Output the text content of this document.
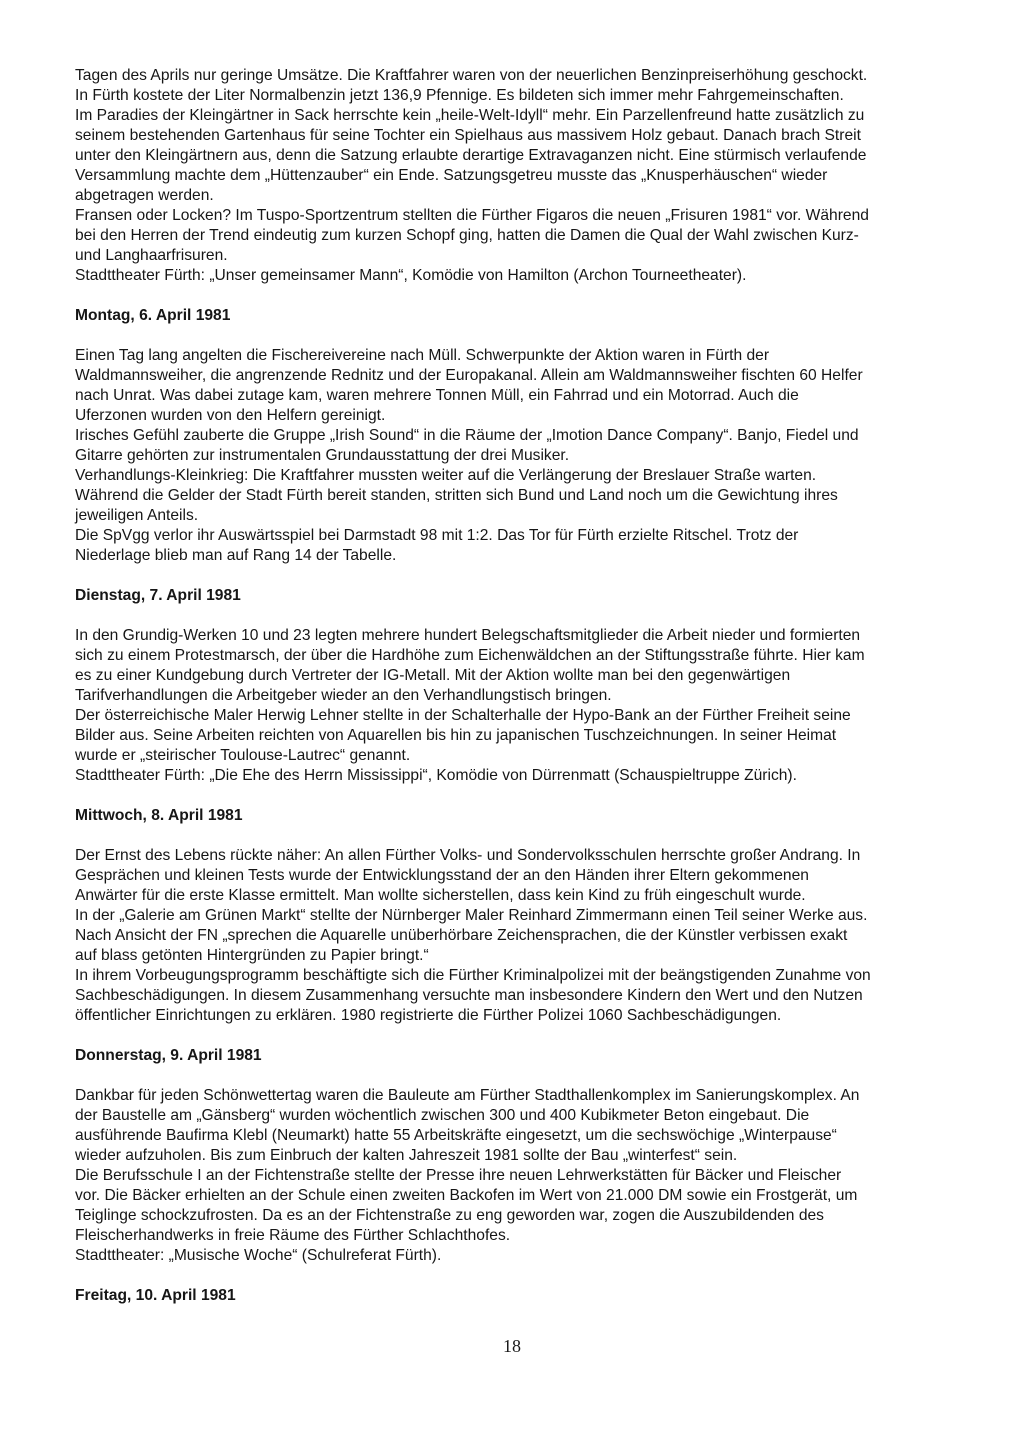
Tagen des Aprils nur geringe Umsätze. Die Kraftfahrer waren von der neuerlichen Benzinpreiserhöhung geschockt.
In Fürth kostete der Liter Normalbenzin jetzt 136,9 Pfennige. Es bildeten sich immer mehr Fahrgemeinschaften.
Im Paradies der Kleingärtner in Sack herrschte kein „heile-Welt-Idyll“ mehr. Ein Parzellenfreund hatte zusätzlich zu
seinem bestehenden Gartenhaus für seine Tochter ein Spielhaus aus massivem Holz gebaut. Danach brach Streit
unter den Kleingärtnern aus, denn die Satzung erlaubte derartige Extravaganzen nicht. Eine stürmisch verlaufende
Versammlung machte dem „Hüttenzauber“ ein Ende. Satzungsgetreu musste das „Knusperhäuschen“ wieder
abgetragen werden.
Fransen oder Locken? Im Tuspo-Sportzentrum stellten die Fürther Figaros die neuen „Frisuren 1981“ vor. Während
bei den Herren der Trend eindeutig zum kurzen Schopf ging, hatten die Damen die Qual der Wahl zwischen Kurz-
und Langhaarfrisuren.
Stadttheater Fürth: „Unser gemeinsamer Mann“, Komödie von Hamilton (Archon Tourneetheater).
Montag, 6. April 1981
Einen Tag lang angelten die Fischereivereine nach Müll. Schwerpunkte der Aktion waren in Fürth der
Waldmannsweiher, die angrenzende Rednitz und der Europakanal. Allein am Waldmannsweiher fischten 60 Helfer
nach Unrat. Was dabei zutage kam, waren mehrere Tonnen Müll, ein Fahrrad und ein Motorrad. Auch die
Uferzonen wurden von den Helfern gereinigt.
Irisches Gefühl zauberte die Gruppe „Irish Sound“ in die Räume der „Imotion Dance Company“. Banjo, Fiedel und
Gitarre gehörten zur instrumentalen Grundausstattung der drei Musiker.
Verhandlungs-Kleinkrieg: Die Kraftfahrer mussten weiter auf die Verlängerung der Breslauer Straße warten.
Während die Gelder der Stadt Fürth bereit standen, stritten sich Bund und Land noch um die Gewichtung ihres
jeweiligen Anteils.
Die SpVgg verlor ihr Auswärtsspiel bei Darmstadt 98 mit 1:2. Das Tor für Fürth erzielte Ritschel. Trotz der
Niederlage blieb man auf Rang 14 der Tabelle.
Dienstag, 7. April 1981
In den Grundig-Werken 10 und 23 legten mehrere hundert Belegschaftsmitglieder die Arbeit nieder und formierten
sich zu einem Protestmarsch, der über die Hardhöhe zum Eichenwäldchen an der Stiftungsstraße führte. Hier kam
es zu einer Kundgebung durch Vertreter der IG-Metall. Mit der Aktion wollte man bei den gegenwärtigen
Tarifverhandlungen die Arbeitgeber wieder an den Verhandlungstisch bringen.
Der österreichische Maler Herwig Lehner stellte in der Schalterhalle der Hypo-Bank an der Fürther Freiheit seine
Bilder aus. Seine Arbeiten reichten von Aquarellen bis hin zu japanischen Tuschzeichnungen. In seiner Heimat
wurde er „steirischer Toulouse-Lautrec“ genannt.
Stadttheater Fürth: „Die Ehe des Herrn Mississippi“, Komödie von Dürrenmatt (Schauspieltruppe Zürich).
Mittwoch, 8. April 1981
Der Ernst des Lebens rückte näher: An allen Fürther Volks- und Sondervolksschulen herrschte großer Andrang. In
Gesprächen und kleinen Tests wurde der Entwicklungsstand der an den Händen ihrer Eltern gekommenen
Anwärter für die erste Klasse ermittelt. Man wollte sicherstellen, dass kein Kind zu früh eingeschult wurde.
In der „Galerie am Grünen Markt“ stellte der Nürnberger Maler Reinhard Zimmermann einen Teil seiner Werke aus.
Nach Ansicht der FN „sprechen die Aquarelle unüberhörbare Zeichensprachen, die der Künstler verbissen exakt
auf blass getönten Hintergründen zu Papier bringt.“
In ihrem Vorbeugungsprogramm beschäftigte sich die Fürther Kriminalpolizei mit der beängstigenden Zunahme von
Sachbeschädigungen. In diesem Zusammenhang versuchte man insbesondere Kindern den Wert und den Nutzen
öffentlicher Einrichtungen zu erklären. 1980 registrierte die Fürther Polizei 1060 Sachbeschädigungen.
Donnerstag, 9. April 1981
Dankbar für jeden Schönwettertag waren die Bauleute am Fürther Stadthallenkomplex im Sanierungskomplex. An
der Baustelle am „Gänsberg“ wurden wöchentlich zwischen 300 und 400 Kubikmeter Beton eingebaut. Die
ausführende Baufirma Klebl (Neumarkt) hatte 55 Arbeitskräfte eingesetzt, um die sechswöchige „Winterpause“
wieder aufzuholen. Bis zum Einbruch der kalten Jahreszeit 1981 sollte der Bau „winterfest“ sein.
Die Berufsschule I an der Fichtenstraße stellte der Presse ihre neuen Lehrwerkstätten für Bäcker und Fleischer
vor. Die Bäcker erhielten an der Schule einen zweiten Backofen im Wert von 21.000 DM sowie ein Frostgerät, um
Teiglinge schockzufrosten. Da es an der Fichtenstraße zu eng geworden war, zogen die Auszubildenden des
Fleischerhandwerks in freie Räume des Fürther Schlachthofes.
Stadttheater: „Musische Woche“ (Schulreferat Fürth).
Freitag, 10. April 1981
18
